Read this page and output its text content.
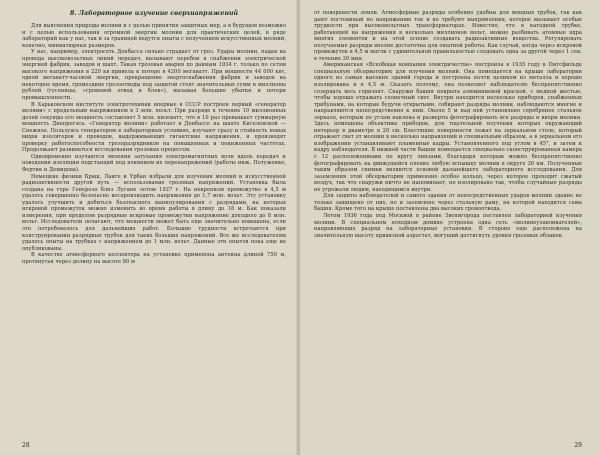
8. Лабораторное изучение сверхнапряжений

Для выяснения природы молнии и с целью принятия защитных мер, а в будущем возможно и с целью использования огромной энергии молнии для практических целей, в ряде лабораторий как у нас, так и за границей ведутся опыты с получением искусственных молний, конечно, миниатюрных размеров.

У нас, например, электросеть Донбасса сильно страдает от гроз. Удары молнии, падая на провода высоковольтных линий передач, вызывают перебои в снабжении электрической энергией фабрик, заводов и шахт. Такая грозовая авария по данным 1934 г. только по сетям высокого напряжения в 220 кв привела к потере в 4200 мегаватт. При мощности 44 000 квт, одной мегаватт-часовой энергии, прекращение энергоснабжения фабрик и заводов на некоторое время, громоздкие грозоотводы под защитой стоят значительных сумм и миллионы рублей (гусеницы, «громовой отвод и блок»), вызывая большие убытки и потери промышленности.

В Харьковском институте электротехники впервые в СССР построен первый «генератор молнии» с предельным напряжением в 3 млн. вольт. При разряде в течение 10 миллионных долей секунды его мощность составляет 5 млн. киловатт, что в 10 раз превышает суммарную мощность Днепрогэса. «Генератор молнии» работает в Донбассе на шахте Киселевской — Снежное. Пользуясь генератором в лабораторных условиях, изучают сразу и стойкость новых видов изоляторов и проводов, выдерживающих гигантские напряжения, и производят проверку работоспособности грозоразрядников на повышенных и пониженных частотах. Продолжают развиваться исследования грозовых процессов.

Одновременно изучаются явления затухания электромагнитных волн вдоль передач и поведения изоляции подстанций под влиянием их перенапряжений (работы инж. Потуженко, Фертик и Демидова).

Немецкие физики Браш, Ланге и Урбан избрали для изучения молний и искусственной радиоактивности другой путь — использование грозовых напряжений. Установка была создана на горе Генерозо близ Лугано летом 1927 г. На некрепком промежутке в 4,5 м удалось совершенно безопасно воспроизводить напряжения до 1,7 млн. вольт. Эту установку удалось улучшить и добиться безопасного манипулирования с разрядами, на которых искровой промежуток можно изменить во время работы в длину до 18 м. Как показали измерения, при пределом разрядные искровые промежутки напряжение доходило до 8 млн. вольт. Исследователи полагают, что мощности может быть еще значительно повышена, если это потребовалось для дальнейших работ. Большие трудности встречаются при конструировании разрядных трубок для таких больших напряжений. Все же исследователям удалось опыты на трубках с напряжением до 1 млн. вольт. Данные эти опытов пока еще не опубликованы.

В качестве атмосферного коллектора на установке применена антенна длиной 750 м, протянутая через долину на высоте 80 м

28

от поверхности земли. Атмосферные разряды особенно удобны для мощных трубок, так как дают постоянный по напряжению ток и не требуют выпрямления, которое вызывает особые трудности при высоковольтных трансформаторах. Известно, что в катодной трубке, работающей на напряжения в несколько миллионов вольт, можно разбивать атомные ядра многих элементов и на этой основе создавать радиоактивные вещества. Регулировать получаемые разряды вполне достаточна для опытной работы. Как случай, когда через искровой промежуток в 4,5 м могли с удивительной правильностью следовать одна за другой через 1 сек. в течение 30 мин.

Американская «Всеобщая компания электричества» построила в 1935 году в Питсфильде специальную обсерваторию для изучения молний. Она помещается на крыше лаборатории одного из самых высоких зданий города и построена почти целиком из металла и хорошо изолирована и в 4,5 м. Сказать поэтому, она позволяет наблюдателю беспрепятственно созерцать весь горизонт. Снаружи башня покрыта алюминиевой краской, с медной жестью, чтобы хорошо отражать солнечный свет. Внутри находится несколько приборов, снабженных трибунами, на которые будучи открытыми, собирают разряды молнии, наблюдаются многие и направляются непосредственно к ним. Около 5 м над ней установлено серебряное стальное зеркало, которым по углам наклона и разверты фотографировать все разряды и вихри молнии. Здесь помещены объективы приборов, для тщательной изучения которых окружающий интерьер в диаметре в 20 см. Блестящие поверхности лежат на зеркальном столе, который отражает свет от молнии в несколько направлений и специальным образом, а в зеркальном его изображении устанавливают пламенные кадры. Установленного под углом в 45°, и затем к кадру наблюдателя. В нижней части башни помещается специально сконструированная камера с 12 расположенными по кругу линзами, благодаря которым можно беспрепятственно фотографировать на движущейся пленке любую вспышку молнии в округе 30 км. Полученные таким образом снимки являются основой дальнейшего лабораторного исследования. Для заземления этой обсерватории применено особое кольцо, через которое проходит сжатый воздух, так что снаружи ничто не напоминает, но изолировано так, чтобы случайные разряды не угрожали людям, находящимся внутри.

Для защиты наблюдателей и самого здания от непосредственных ударов молнии здание не только защищено от них, но и заземлено через стальную раму, на которой находится сама башня. Кроме того на крыше поставлены два высоких громоотвода.

Летом 1936 года под Москвой в районе Звенигорода поставлен лабораторией изучения молнии. В специальном походном домике устроена одна сеть «молниеулавливателей», направляющих разряд на лабораторные установки. В стороне еще расположена на значительную высоту привязной аэростат, могущий достигнуть уровня грозовых облаков.

29
